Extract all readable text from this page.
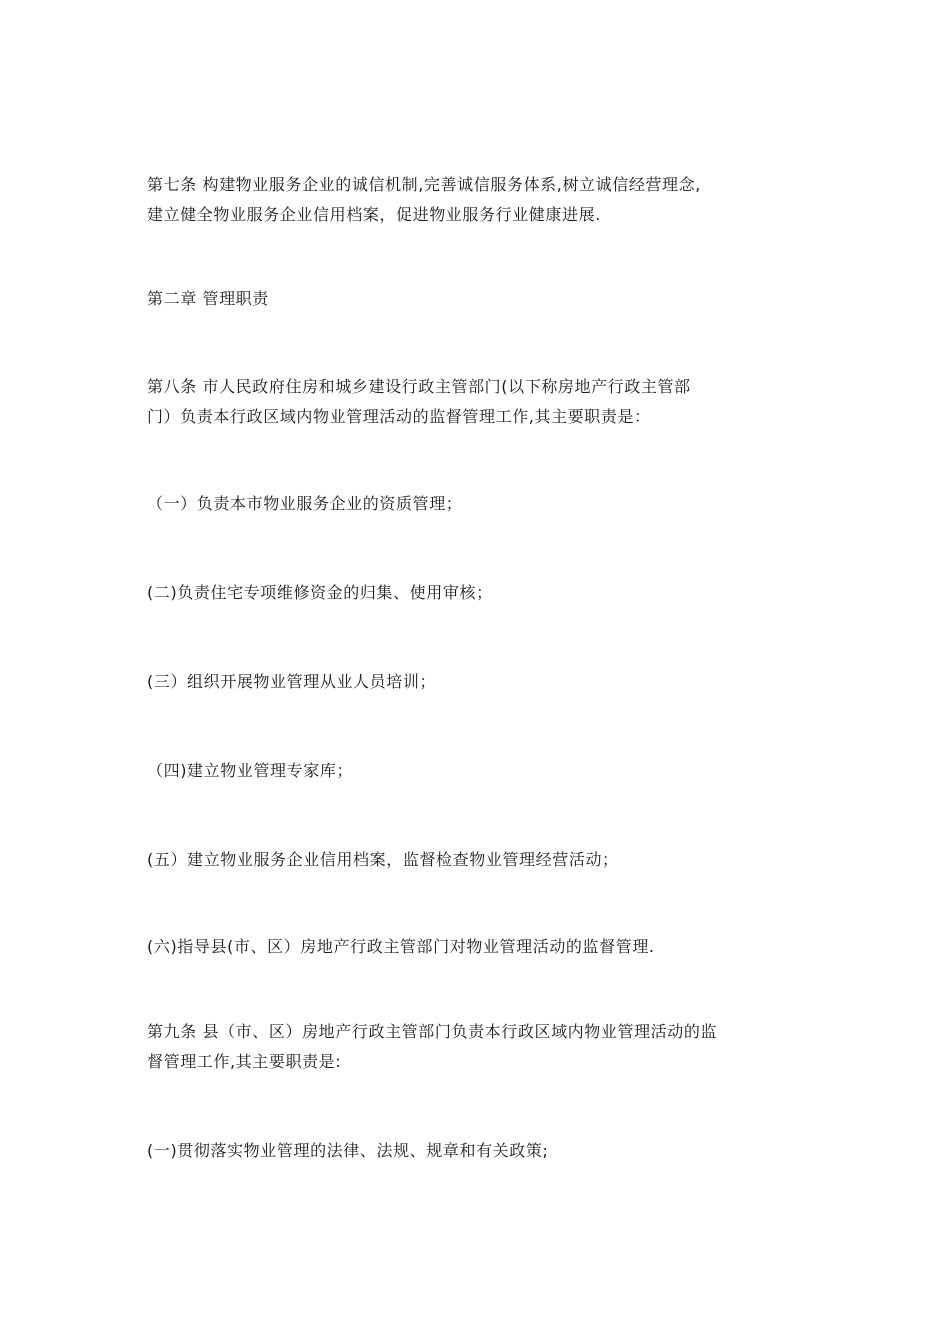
第七条 构建物业服务企业的诚信机制,完善诚信服务体系,树立诚信经营理念,
建立健全物业服务企业信用档案，促进物业服务行业健康进展.

第二章 管理职责

第八条 市人民政府住房和城乡建设行政主管部门(以下称房地产行政主管部
门）负责本行政区域内物业管理活动的监督管理工作,其主要职责是：

（一）负责本市物业服务企业的资质管理；

(二)负责住宅专项维修资金的归集、使用审核；

(三）组织开展物业管理从业人员培训；

（四)建立物业管理专家库；

(五）建立物业服务企业信用档案，监督检查物业管理经营活动；

(六)指导县(市、区）房地产行政主管部门对物业管理活动的监督管理.

第九条 县（市、区）房地产行政主管部门负责本行政区域内物业管理活动的监
督管理工作,其主要职责是:

(一)贯彻落实物业管理的法律、法规、规章和有关政策;
